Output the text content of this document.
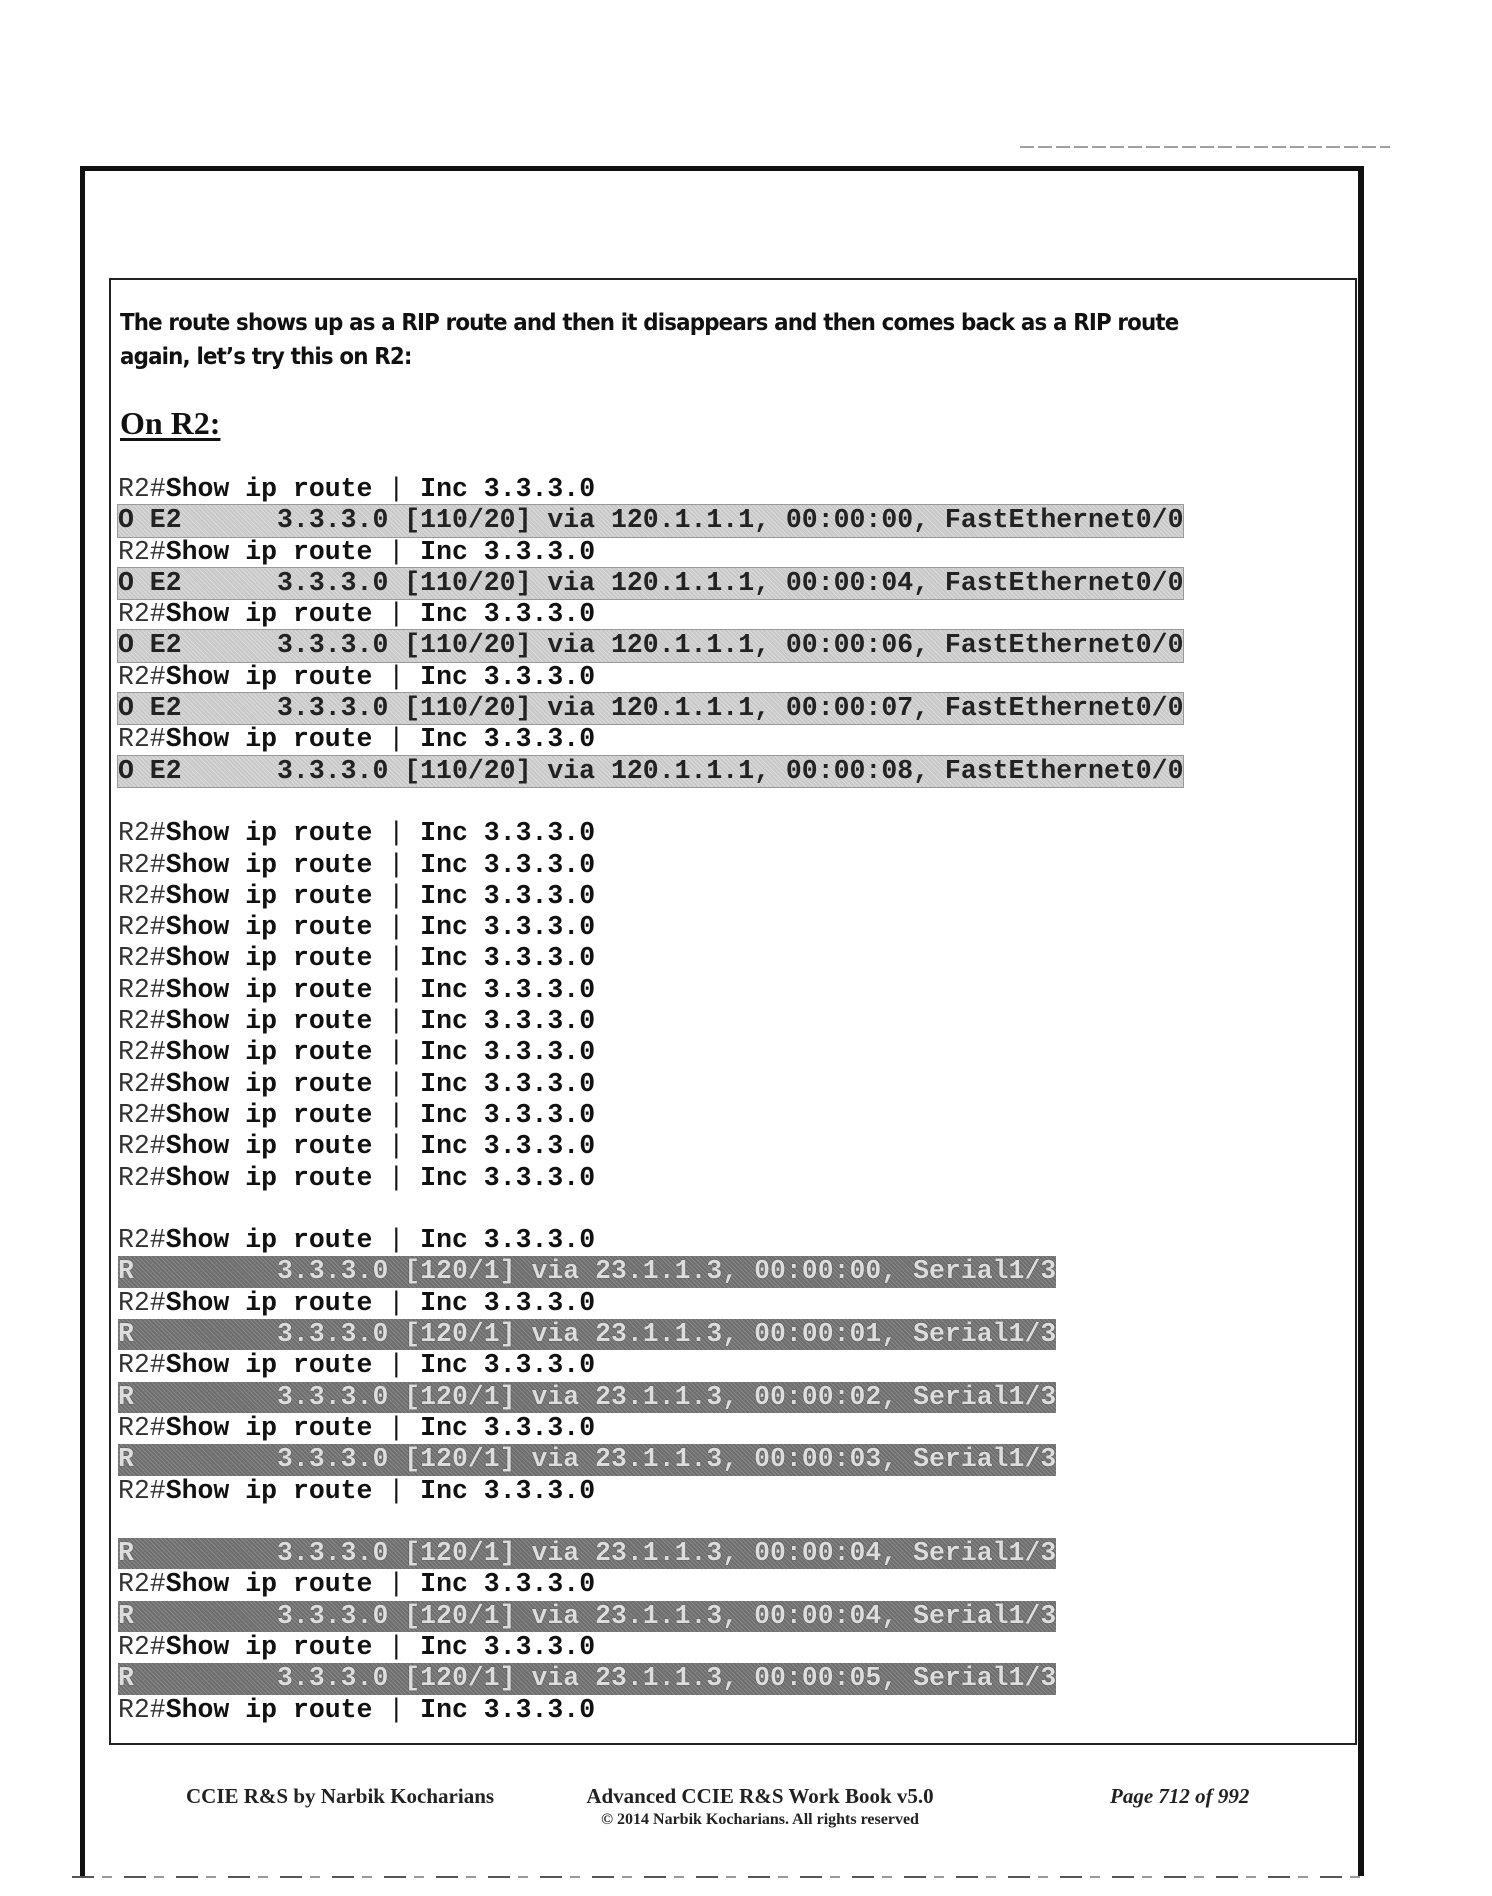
The route shows up as a RIP route and then it disappears and then comes back as a RIP route again, let’s try this on R2:
On R2:
R2#Show ip route | Inc 3.3.3.0
O E2      3.3.3.0 [110/20] via 120.1.1.1, 00:00:00, FastEthernet0/0
R2#Show ip route | Inc 3.3.3.0
O E2      3.3.3.0 [110/20] via 120.1.1.1, 00:00:04, FastEthernet0/0
R2#Show ip route | Inc 3.3.3.0
O E2      3.3.3.0 [110/20] via 120.1.1.1, 00:00:06, FastEthernet0/0
R2#Show ip route | Inc 3.3.3.0
O E2      3.3.3.0 [110/20] via 120.1.1.1, 00:00:07, FastEthernet0/0
R2#Show ip route | Inc 3.3.3.0
O E2      3.3.3.0 [110/20] via 120.1.1.1, 00:00:08, FastEthernet0/0
R2#Show ip route | Inc 3.3.3.0
R2#Show ip route | Inc 3.3.3.0
R2#Show ip route | Inc 3.3.3.0
R2#Show ip route | Inc 3.3.3.0
R2#Show ip route | Inc 3.3.3.0
R2#Show ip route | Inc 3.3.3.0
R2#Show ip route | Inc 3.3.3.0
R2#Show ip route | Inc 3.3.3.0
R2#Show ip route | Inc 3.3.3.0
R2#Show ip route | Inc 3.3.3.0
R2#Show ip route | Inc 3.3.3.0
R2#Show ip route | Inc 3.3.3.0
R2#Show ip route | Inc 3.3.3.0
R         3.3.3.0 [120/1] via 23.1.1.3, 00:00:00, Serial1/3
R2#Show ip route | Inc 3.3.3.0
R         3.3.3.0 [120/1] via 23.1.1.3, 00:00:01, Serial1/3
R2#Show ip route | Inc 3.3.3.0
R         3.3.3.0 [120/1] via 23.1.1.3, 00:00:02, Serial1/3
R2#Show ip route | Inc 3.3.3.0
R         3.3.3.0 [120/1] via 23.1.1.3, 00:00:03, Serial1/3
R2#Show ip route | Inc 3.3.3.0
R         3.3.3.0 [120/1] via 23.1.1.3, 00:00:04, Serial1/3
R2#Show ip route | Inc 3.3.3.0
R         3.3.3.0 [120/1] via 23.1.1.3, 00:00:04, Serial1/3
R2#Show ip route | Inc 3.3.3.0
R         3.3.3.0 [120/1] via 23.1.1.3, 00:00:05, Serial1/3
R2#Show ip route | Inc 3.3.3.0
CCIE R&S by Narbik Kocharians	Advanced CCIE R&S Work Book v5.0
© 2014 Narbik Kocharians. All rights reserved
Page 712 of 992
